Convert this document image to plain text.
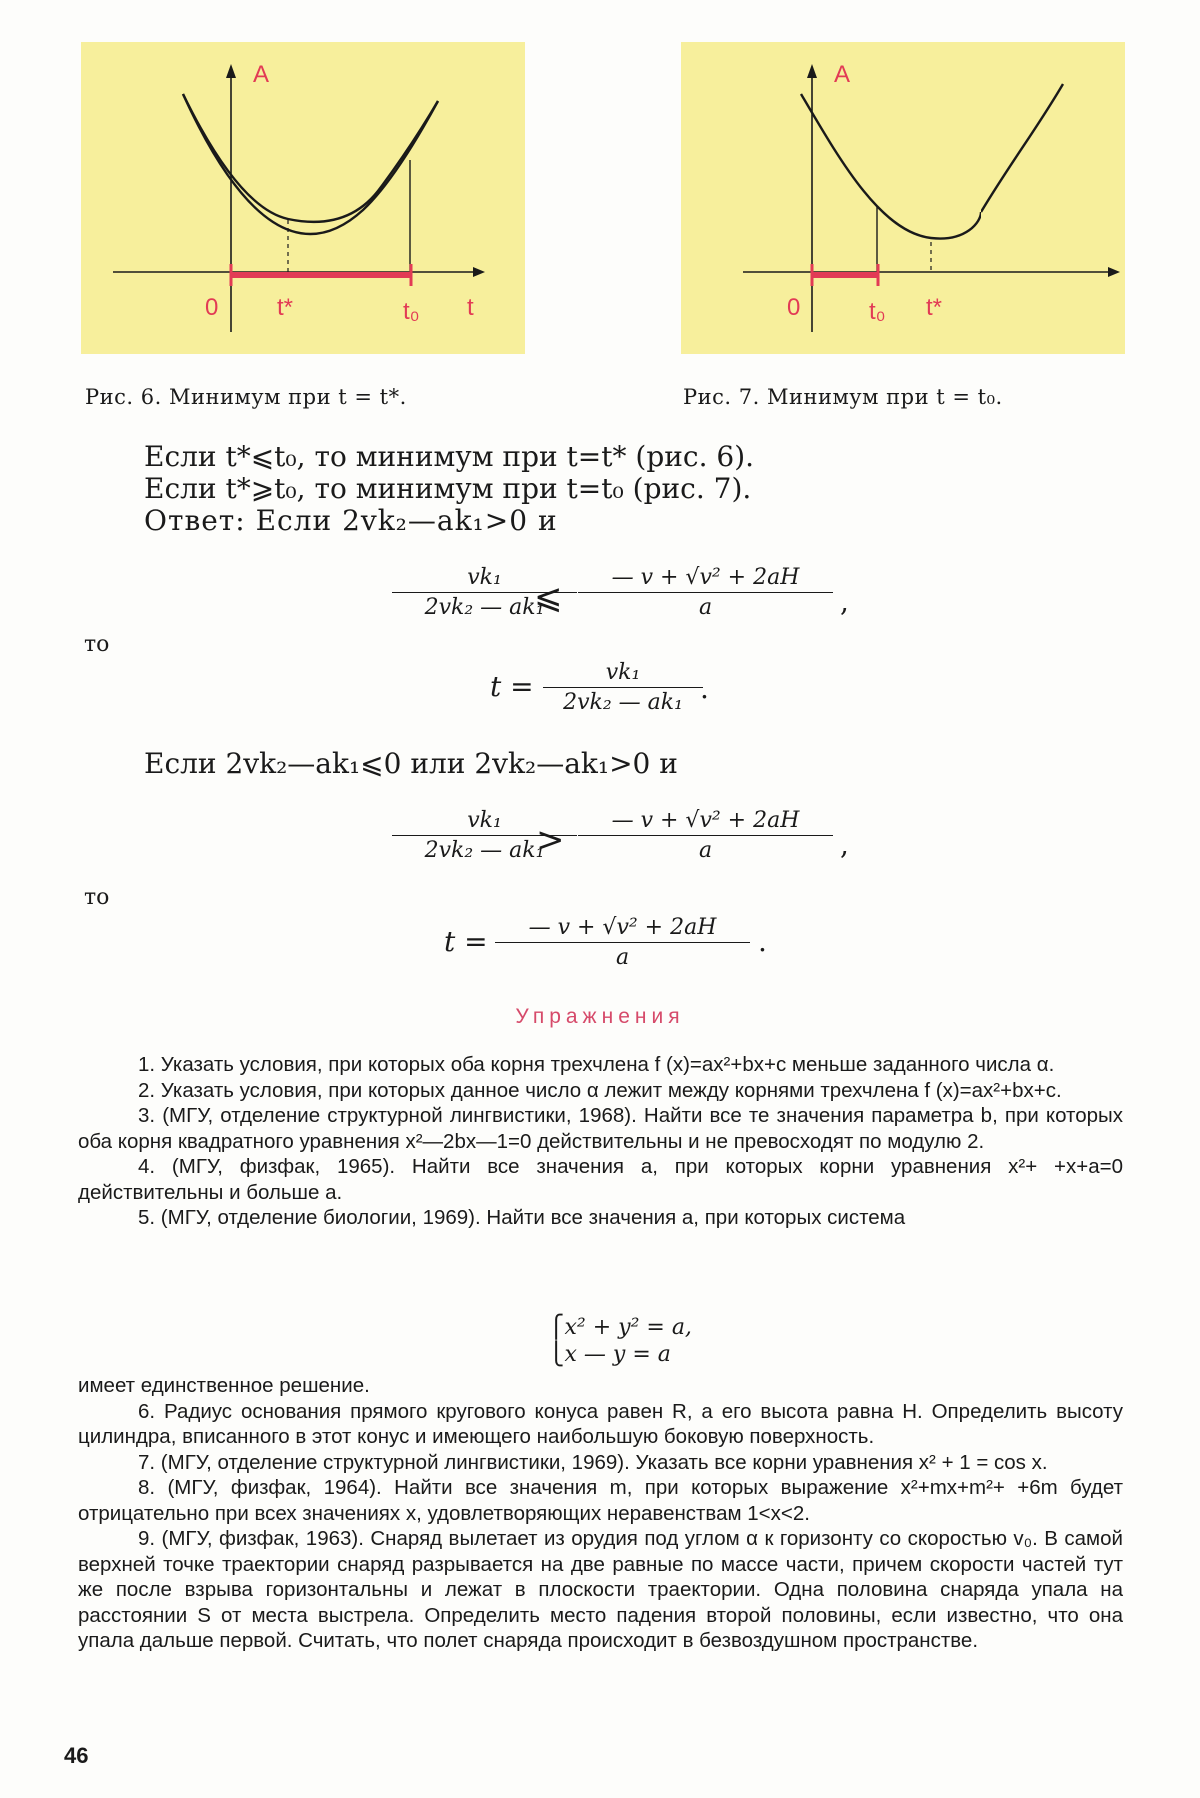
A
0 t*	t₀ t
Рис. 6. Минимум при t = t*.
A
0	t₀ t*
Рис. 7. Минимум при t = t₀.
Если t*⩽t₀, то минимум при t=t* (рис. 6).
Если t*⩾t₀, то минимум при t=t₀ (рис. 7).
Ответ: Если 2vk₂—ak₁>0 и
$\frac{\text{vk₁}}{\text{2vk₂ — ak₁}}$
⩽ $\frac{\text{— v + √v² + 2aH}}{a}$ ,
то
$t = \frac{\text{vk₁}}{\text{2vk₂ — ak₁}}$
.
Если 2vk₂—ak₁⩽0 или 2vk₂—ak₁>0 и
$\frac{\text{vk₁}}{\text{2vk₂ — ak₁}}$
> $\frac{\text{— v + √v² + 2aH}}{a}$ ,
то
$t = \frac{\text{— v + √v² + 2aH}}{a}$ .
Упражнения

1. Указать условия, при которых оба корня трехчлена f (x)=ax²+bx+c меньше заданного числа α.

2. Указать условия, при которых данное число α лежит между корнями трехчлена f (x)=ax²+bx+c.

3. (МГУ, отделение структурной лингвистики, 1968). Найти все те значения параметра b, при которых оба корня квадратного уравнения x²—2bx—1=0 действительны и не превосходят по модулю 2.

4. (МГУ, физфак, 1965). Найти все значения a, при которых корни уравнения x²+ +x+a=0 действительны и больше a.

5. (МГУ, отделение биологии, 1969). Найти все значения a, при которых система

⎧x² + y² = a,
⎩x — y = a

имеет единственное решение.

6. Радиус основания прямого кругового конуса равен R, а его высота равна H. Определить высоту цилиндра, вписанного в этот конус и имеющего наибольшую боковую поверхность.

7. (МГУ, отделение структурной лингвистики, 1969). Указать все корни уравнения x² + 1 = cos x.

8. (МГУ, физфак, 1964). Найти все значения m, при которых выражение x²+mx+m²+ +6m будет отрицательно при всех значениях x, удовлетворяющих неравенствам 1<x<2.

9. (МГУ, физфак, 1963). Снаряд вылетает из орудия под углом α к горизонту со скоростью v₀. В самой верхней точке траектории снаряд разрывается на две равные по массе части, причем скорости частей тут же после взрыва горизонтальны и лежат в плоскости траектории. Одна половина снаряда упала на расстоянии S от места выстрела. Определить место падения второй половины, если известно, что она упала дальше первой. Считать, что полет снаряда происходит в безвоздушном пространстве.

46
